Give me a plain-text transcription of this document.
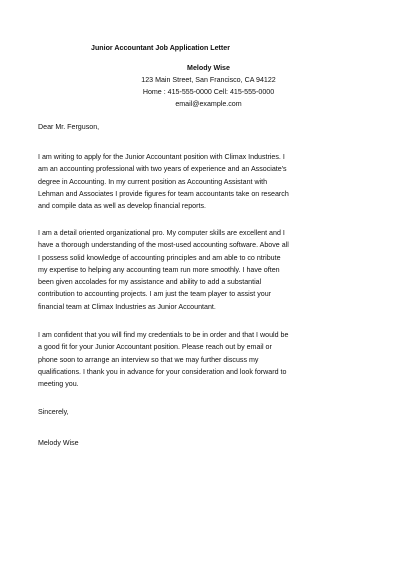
Junior Accountant Job Application Letter
Melody Wise
123 Main Street, San Francisco, CA 94122
Home : 415-555-0000 Cell: 415-555-0000
email@example.com
Dear Mr. Ferguson,
I am writing to apply for the Junior Accountant position with Climax Industries. I
am an accounting professional with two years of experience and an Associate's
degree in Accounting. In my current position as Accounting Assistant with
Lehman and Associates I provide figures for team accountants take on research
and compile data as well as develop financial reports.
I am a detail oriented organizational pro. My computer skills are excellent and I
have a thorough understanding of the most-used accounting software. Above all
I possess solid knowledge of accounting principles and am able to co ntribute
my expertise to helping any accounting team run more smoothly. I have often
been given accolades for my assistance and ability to add a substantial
contribution to accounting projects. I am just the team player to assist your
financial team at Climax Industries as Junior Accountant.
I am confident that you will find my credentials to be in order and that I would be
a good fit for your Junior Accountant position. Please reach out by email or
phone soon to arrange an interview so that we may further discuss my
qualifications. I thank you in advance for your consideration and look forward to
meeting you.
Sincerely,
Melody Wise
